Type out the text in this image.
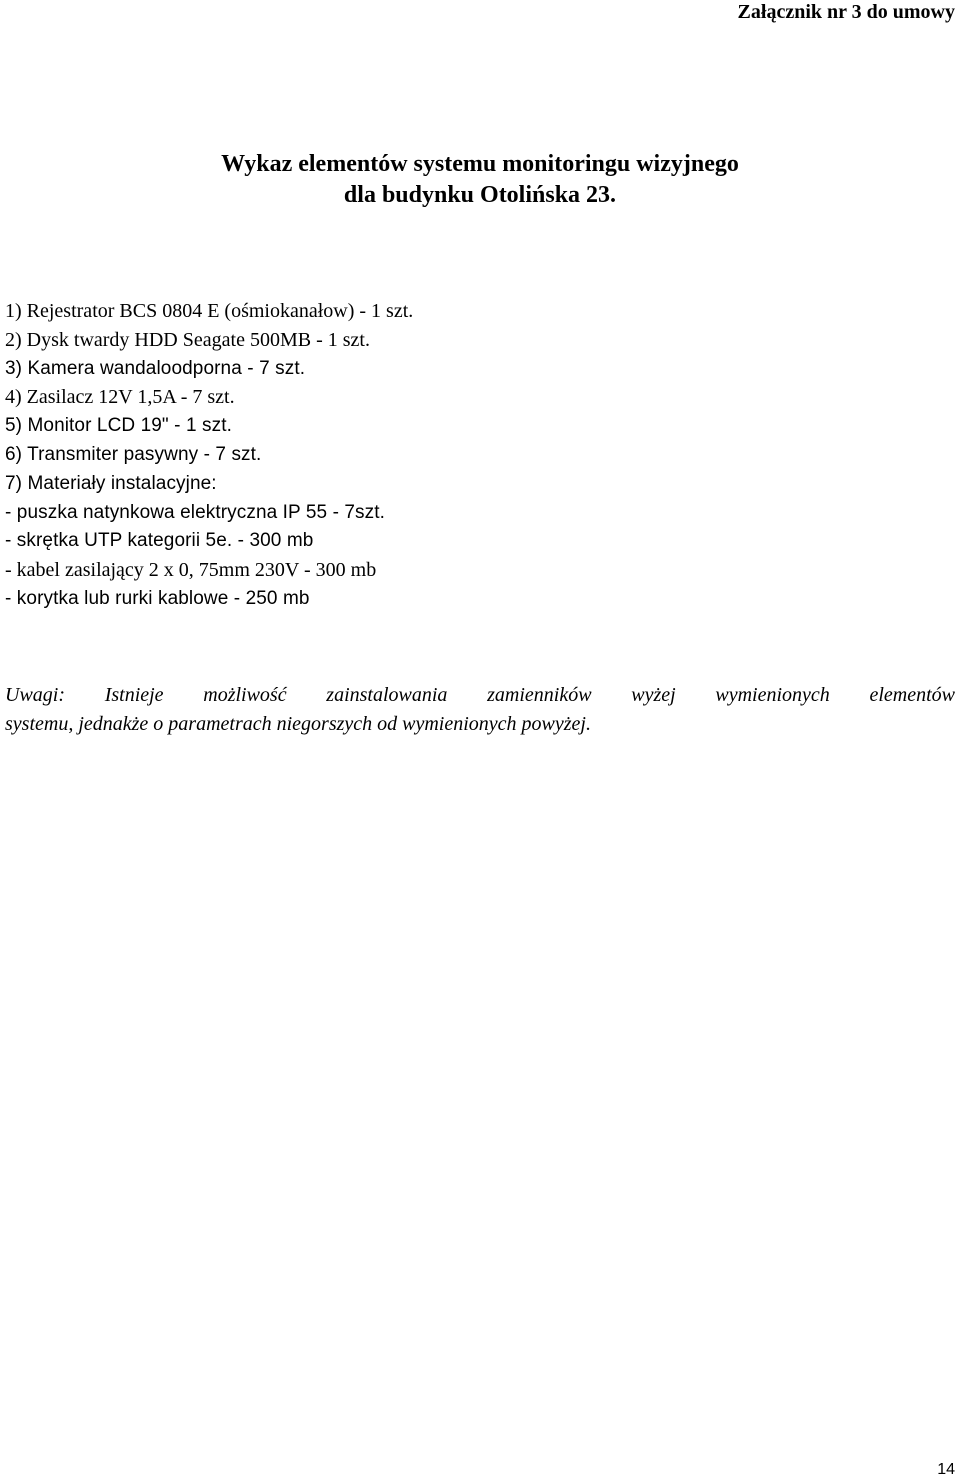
Załącznik nr 3 do umowy
Wykaz elementów systemu monitoringu wizyjnego
dla budynku Otolińska 23.
1) Rejestrator BCS 0804 E (ośmiokanałow) - 1 szt.
2) Dysk twardy HDD Seagate 500MB - 1 szt.
3) Kamera wandaloodporna - 7 szt.
4) Zasilacz 12V 1,5A - 7 szt.
5) Monitor LCD 19" - 1 szt.
6) Transmiter pasywny - 7 szt.
7) Materiały instalacyjne:
- puszka natynkowa elektryczna IP 55 - 7szt.
- skrętka UTP kategorii 5e. - 300 mb
- kabel zasilający 2 x 0, 75mm 230V - 300 mb
- korytka lub rurki kablowe - 250 mb
Uwagi: Istnieje możliwość zainstalowania zamienników wyżej wymienionych elementów
systemu, jednakże o parametrach niegorszych od wymienionych powyżej.
14
